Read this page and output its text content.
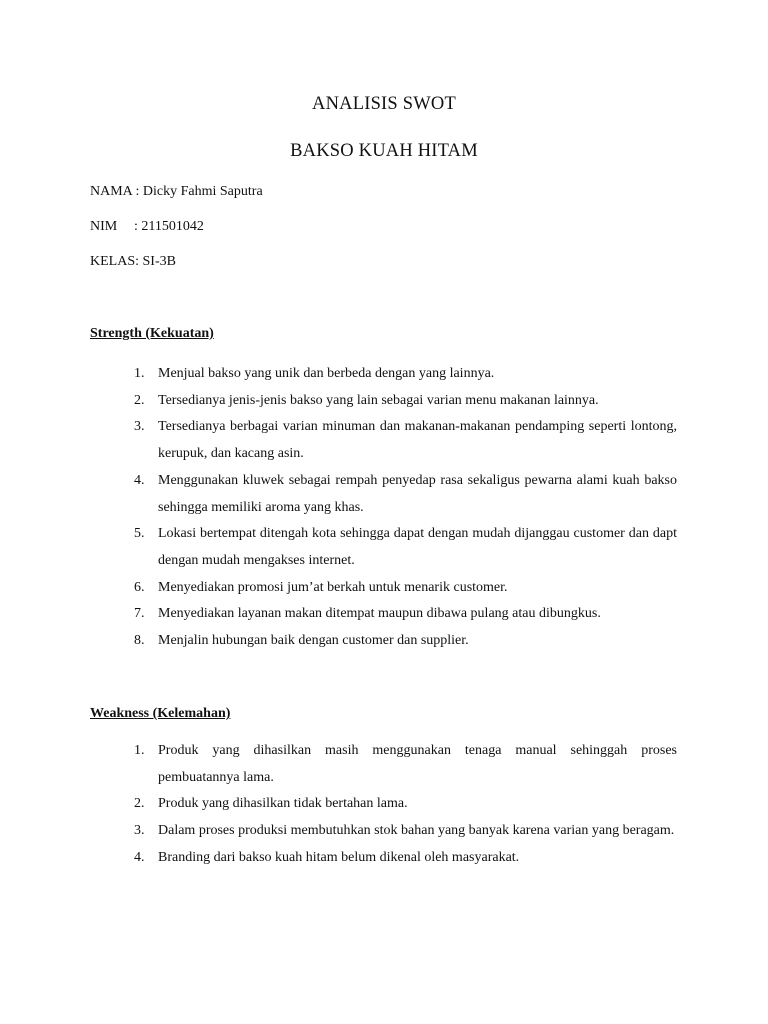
ANALISIS SWOT
BAKSO KUAH HITAM

NAMA : Dicky Fahmi Saputra

NIM : 211501042

KELAS: SI-3B

Strength (Kekuatan)
1. Menjual bakso yang unik dan berbeda dengan yang lainnya.
2. Tersedianya jenis-jenis bakso yang lain sebagai varian menu makanan lainnya.
3. Tersedianya berbagai varian minuman dan makanan-makanan pendamping seperti lontong, kerupuk, dan kacang asin.
4. Menggunakan kluwek sebagai rempah penyedap rasa sekaligus pewarna alami kuah bakso sehingga memiliki aroma yang khas.
5. Lokasi bertempat ditengah kota sehingga dapat dengan mudah dijanggau customer dan dapt dengan mudah mengakses internet.
6. Menyediakan promosi jum’at berkah untuk menarik customer.
7. Menyediakan layanan makan ditempat maupun dibawa pulang atau dibungkus.
8. Menjalin hubungan baik dengan customer dan supplier.
Weakness (Kelemahan)
1. Produk yang dihasilkan masih menggunakan tenaga manual sehinggah proses pembuatannya lama.
2. Produk yang dihasilkan tidak bertahan lama.
3. Dalam proses produksi membutuhkan stok bahan yang banyak karena varian yang beragam.
4. Branding dari bakso kuah hitam belum dikenal oleh masyarakat.
